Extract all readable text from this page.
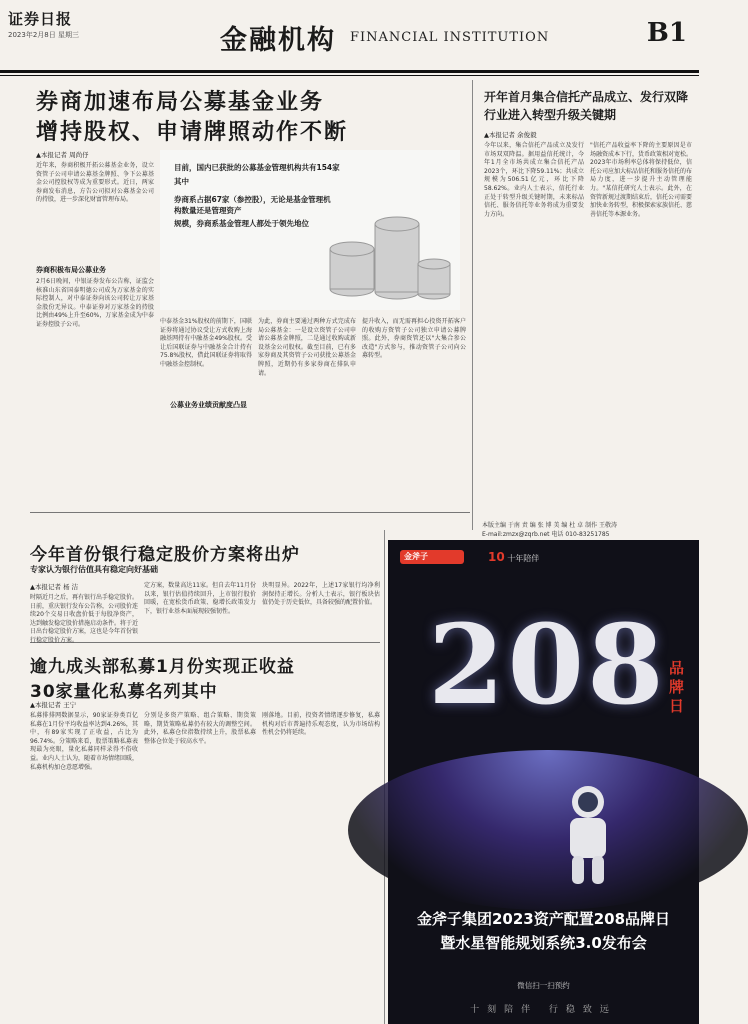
证券日报
2023年2月8日 星期三	金融机构 FINANCIAL INSTITUTION	B1
券商加速布局公募基金业务
增持股权、申请牌照动作不断
▲本报记者 周尚伃
近年来，券商积极开拓公募基金业务，设立资管子公司申请公募基金牌照、争下公募基金公司控股权等成为重要形式。近日，两家券商发布消息，方告公司拟对公募基金公司的持股，进一步深化财富管理布局。
券商积极布局公募业务
2月6日晚间，中银证券发布公告称，证监会核准山东省国泰明德公司成为万家基金的实际控制人，对中泰证券向该公司转让万家基金股份无异议。中泰证券对万家基金的持股比例由49%上升至60%，万家基金成为中泰证券控股子公司。
目前，国内已获批的公募基金管理机构共有154家
其中
券商系占据67家（参控股），无论是基金管理机构数量还是管理资产
规模，券商系基金管理人都处于领先地位
中泰基金31%股权的前期下，国联证券将通过协议受让方式收购上海融基网持有中融基金49%股权。受让后国联证券与中融基金合计持有75.8%股权，借此国联证券将取得中融基金控制权。
公募业务业绩贡献度凸显
为此，券商主要通过两种方式完成布局公募基金：一是设立资管子公司申请公募基金牌照，二是通过收购或新设基金公司股权。截至目前，已有多家券商及其资管子公司获批公募基金牌照，近期仍有多家券商在排队申请。
提升收入，而无需再担心投资开拓客户的收购方资管子公司独立申请公募牌照。此外，券商资管还以"大集合参公改造"方式参与，推动资管子公司向公募转型。
开年首月集合信托产品成立、发行双降 行业进入转型升级关键期
▲本报记者 余俊毅
今年以来，集合信托产品成立及发行市场双双降温。据用益信托统计，今年1月全市场共成立集合信托产品2023个，环比下降59.11%；共成立规模为506.51亿元，环比下降58.62%。业内人士表示，信托行业正处于转型升级关键时期，未来标品信托、服务信托等业务将成为重要发力方向。
"信托产品收益率下降的主要原因是市场融资成本下行，货币政策相对宽松。2023年市场利率总体将保持低位，信托公司应加大标品信托和服务信托的布局力度，进一步提升主动管理能力。"某信托研究人士表示。此外，在资管新规过渡期结束后，信托公司需要加快业务转型，积极探索家族信托、慈善信托等本源业务。
本版主编 于南 责 编 张 博 美 编 杜 卓 制作 王敬涛
E-mail:zmzx@zqrb.net 电话 010-83251785
今年首份银行稳定股价方案将出炉
专家认为银行估值具有稳定向好基础
▲本报记者 杨 洁
时隔近月之后，再有银行出手稳定股价。日前，重庆银行发布公告称，公司股价连续20个交易日收盘价低于每股净资产，达到触发稳定股价措施启动条件。将于近日出台稳定股价方案，这也是今年首份银行稳定股价方案。
定方案，数量高达11家。但自去年11月份以来，银行估值持续回升，上市银行股价回暖，在宽松货币政策、稳增长政策发力下，银行业基本面展现较强韧性。
块明显异。2022年，上述17家银行均净利润保持正增长。分析人士表示，银行板块估值仍处于历史低位，具备较强的配置价值。
逾九成头部私募1月份实现正收益
30家量化私募名列其中
▲本报记者 王宁
私募排排网数据显示，90家证券类百亿私募在1月份平均收益率达到4.26%，其中，有89家实现了正收益，占比为96.74%。分策略来看，股票策略私募表现最为亮眼，量化私募同样录得不俗收益。业内人士认为，随着市场情绪回暖，私募机构加仓意愿增强。
分别是多资产策略、组合策略、期货策略，期货策略私募仍有较大的调整空间。此外，私募仓位指数持续上升，股票私募整体仓位处于较高水平。
刚落地。目前，投资者情绪逐步修复，私募机构对后市普遍持乐观态度，认为市场结构性机会仍将延续。
金斧子	10 十年陪伴
208 品牌日
金斧子集团2023资产配置208品牌日
暨水星智能规划系统3.0发布会
微信扫一扫预约
十刻陪伴 行稳致远
